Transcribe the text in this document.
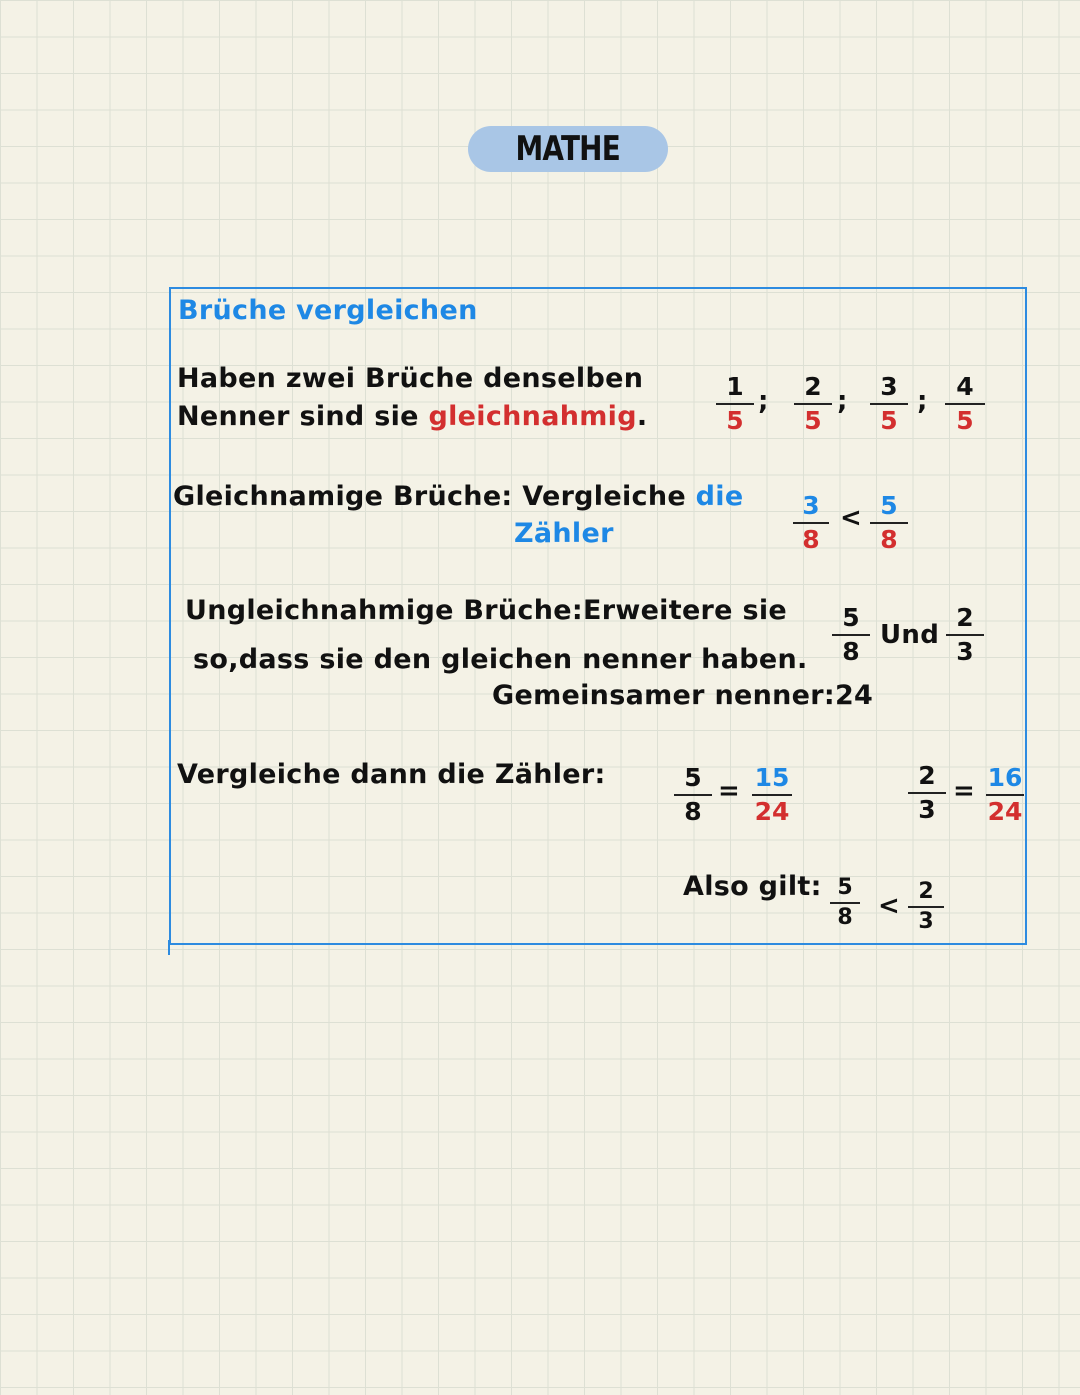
MATHE
Brüche vergleichen
Haben zwei Brüche denselben
Nenner sind sie gleichnahmig.
1
5
; 2
5
; 3
5
; 4
5
Gleichnamige Brüche: Vergleiche die
Zähler
3
8
< 5
8
Ungleichnahmige Brüche:Erweitere sie
so,dass sie den gleichen nenner haben.
Gemeinsamer nenner:24
5
8
Und
2
3
Vergleiche dann die Zähler:	5
8
= 15
24
2
3
= 16
24
Also gilt: 5
8 < 2
3
